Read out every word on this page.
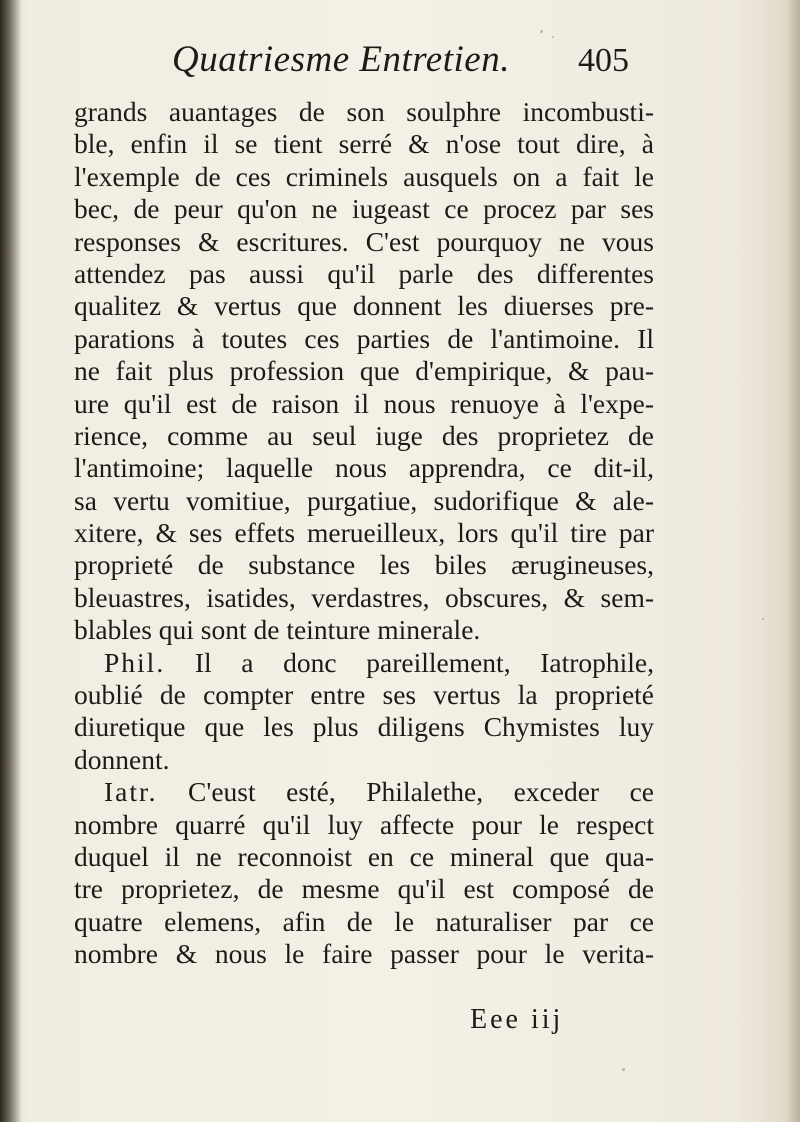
Quatriesme Entretien. 405
grands auantages de son soulphre incombusti-
ble, enfin il se tient serré & n'ose tout dire, à
l'exemple de ces criminels ausquels on a fait le
bec, de peur qu'on ne iugeast ce procez par ses
responses & escritures. C'est pourquoy ne vous
attendez pas aussi qu'il parle des differentes
qualitez & vertus que donnent les diuerses pre-
parations à toutes ces parties de l'antimoine. Il
ne fait plus profession que d'empirique, & pau-
ure qu'il est de raison il nous renuoye à l'expe-
rience, comme au seul iuge des proprietez de
l'antimoine; laquelle nous apprendra, ce dit-il,
sa vertu vomitiue, purgatiue, sudorifique & ale-
xitere, & ses effets merueilleux, lors qu'il tire par
proprieté de substance les biles ærugineuses,
bleuastres, isatides, verdastres, obscures, & sem-
blables qui sont de teinture minerale.
Phil. Il a donc pareillement, Iatrophile,
oublié de compter entre ses vertus la proprieté
diuretique que les plus diligens Chymistes luy
donnent.
Iatr. C'eust esté, Philalethe, exceder ce
nombre quarré qu'il luy affecte pour le respect
duquel il ne reconnoist en ce mineral que qua-
tre proprietez, de mesme qu'il est composé de
quatre elemens, afin de le naturaliser par ce
nombre & nous le faire passer pour le verita-
Eee iij
